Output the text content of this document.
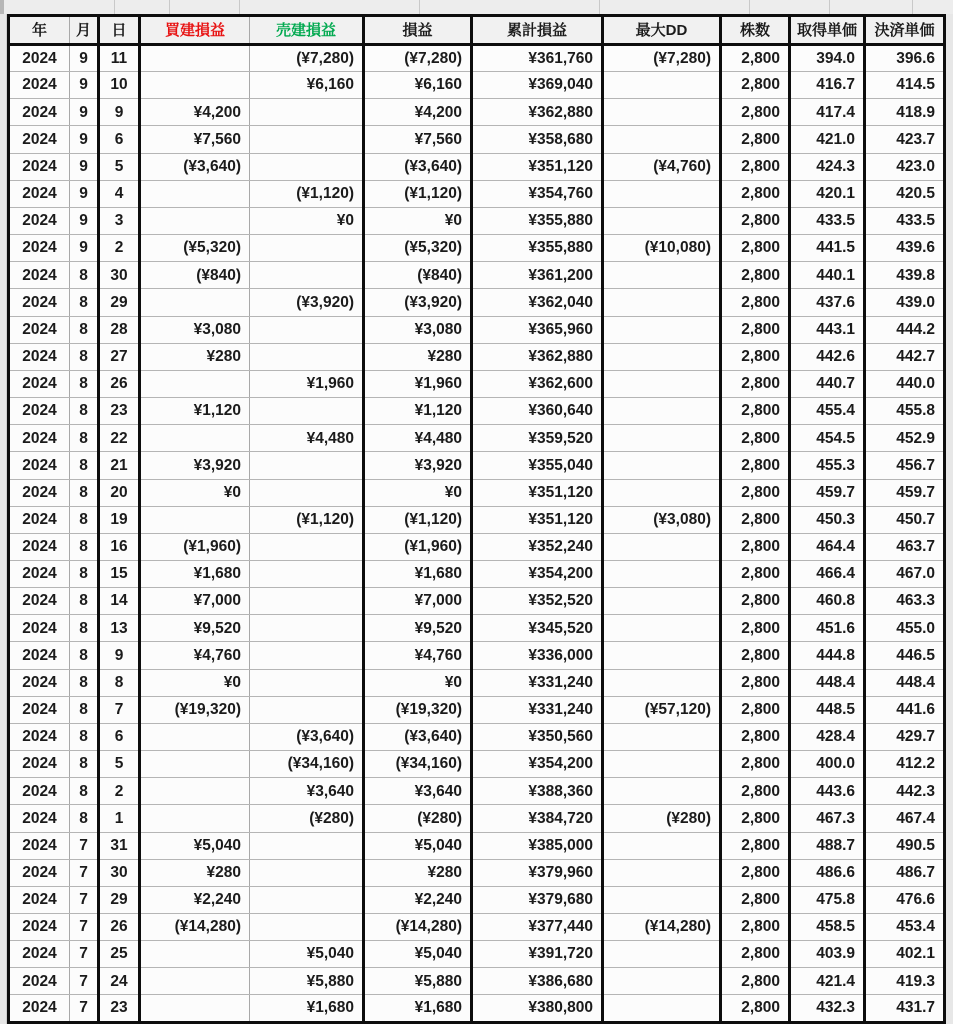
年	月	日	買建損益	売建損益	損益	累計損益	最大DD	株数	取得単価	決済単価
2024	9	11		(¥7,280)	(¥7,280)	¥361,760	(¥7,280)	2,800	394.0	396.6
2024	9	10		¥6,160	¥6,160	¥369,040		2,800	416.7	414.5
2024	9	9	¥4,200		¥4,200	¥362,880		2,800	417.4	418.9
2024	9	6	¥7,560		¥7,560	¥358,680		2,800	421.0	423.7
2024	9	5	(¥3,640)		(¥3,640)	¥351,120	(¥4,760)	2,800	424.3	423.0
2024	9	4		(¥1,120)	(¥1,120)	¥354,760		2,800	420.1	420.5
2024	9	3		¥0	¥0	¥355,880		2,800	433.5	433.5
2024	9	2	(¥5,320)		(¥5,320)	¥355,880	(¥10,080)	2,800	441.5	439.6
2024	8	30	(¥840)		(¥840)	¥361,200		2,800	440.1	439.8
2024	8	29		(¥3,920)	(¥3,920)	¥362,040		2,800	437.6	439.0
2024	8	28	¥3,080		¥3,080	¥365,960		2,800	443.1	444.2
2024	8	27	¥280		¥280	¥362,880		2,800	442.6	442.7
2024	8	26		¥1,960	¥1,960	¥362,600		2,800	440.7	440.0
2024	8	23	¥1,120		¥1,120	¥360,640		2,800	455.4	455.8
2024	8	22		¥4,480	¥4,480	¥359,520		2,800	454.5	452.9
2024	8	21	¥3,920		¥3,920	¥355,040		2,800	455.3	456.7
2024	8	20	¥0		¥0	¥351,120		2,800	459.7	459.7
2024	8	19		(¥1,120)	(¥1,120)	¥351,120	(¥3,080)	2,800	450.3	450.7
2024	8	16	(¥1,960)		(¥1,960)	¥352,240		2,800	464.4	463.7
2024	8	15	¥1,680		¥1,680	¥354,200		2,800	466.4	467.0
2024	8	14	¥7,000		¥7,000	¥352,520		2,800	460.8	463.3
2024	8	13	¥9,520		¥9,520	¥345,520		2,800	451.6	455.0
2024	8	9	¥4,760		¥4,760	¥336,000		2,800	444.8	446.5
2024	8	8	¥0		¥0	¥331,240		2,800	448.4	448.4
2024	8	7	(¥19,320)		(¥19,320)	¥331,240	(¥57,120)	2,800	448.5	441.6
2024	8	6		(¥3,640)	(¥3,640)	¥350,560		2,800	428.4	429.7
2024	8	5		(¥34,160)	(¥34,160)	¥354,200		2,800	400.0	412.2
2024	8	2		¥3,640	¥3,640	¥388,360		2,800	443.6	442.3
2024	8	1		(¥280)	(¥280)	¥384,720	(¥280)	2,800	467.3	467.4
2024	7	31	¥5,040		¥5,040	¥385,000		2,800	488.7	490.5
2024	7	30	¥280		¥280	¥379,960		2,800	486.6	486.7
2024	7	29	¥2,240		¥2,240	¥379,680		2,800	475.8	476.6
2024	7	26	(¥14,280)		(¥14,280)	¥377,440	(¥14,280)	2,800	458.5	453.4
2024	7	25		¥5,040	¥5,040	¥391,720		2,800	403.9	402.1
2024	7	24		¥5,880	¥5,880	¥386,680		2,800	421.4	419.3
2024	7	23		¥1,680	¥1,680	¥380,800		2,800	432.3	431.7
